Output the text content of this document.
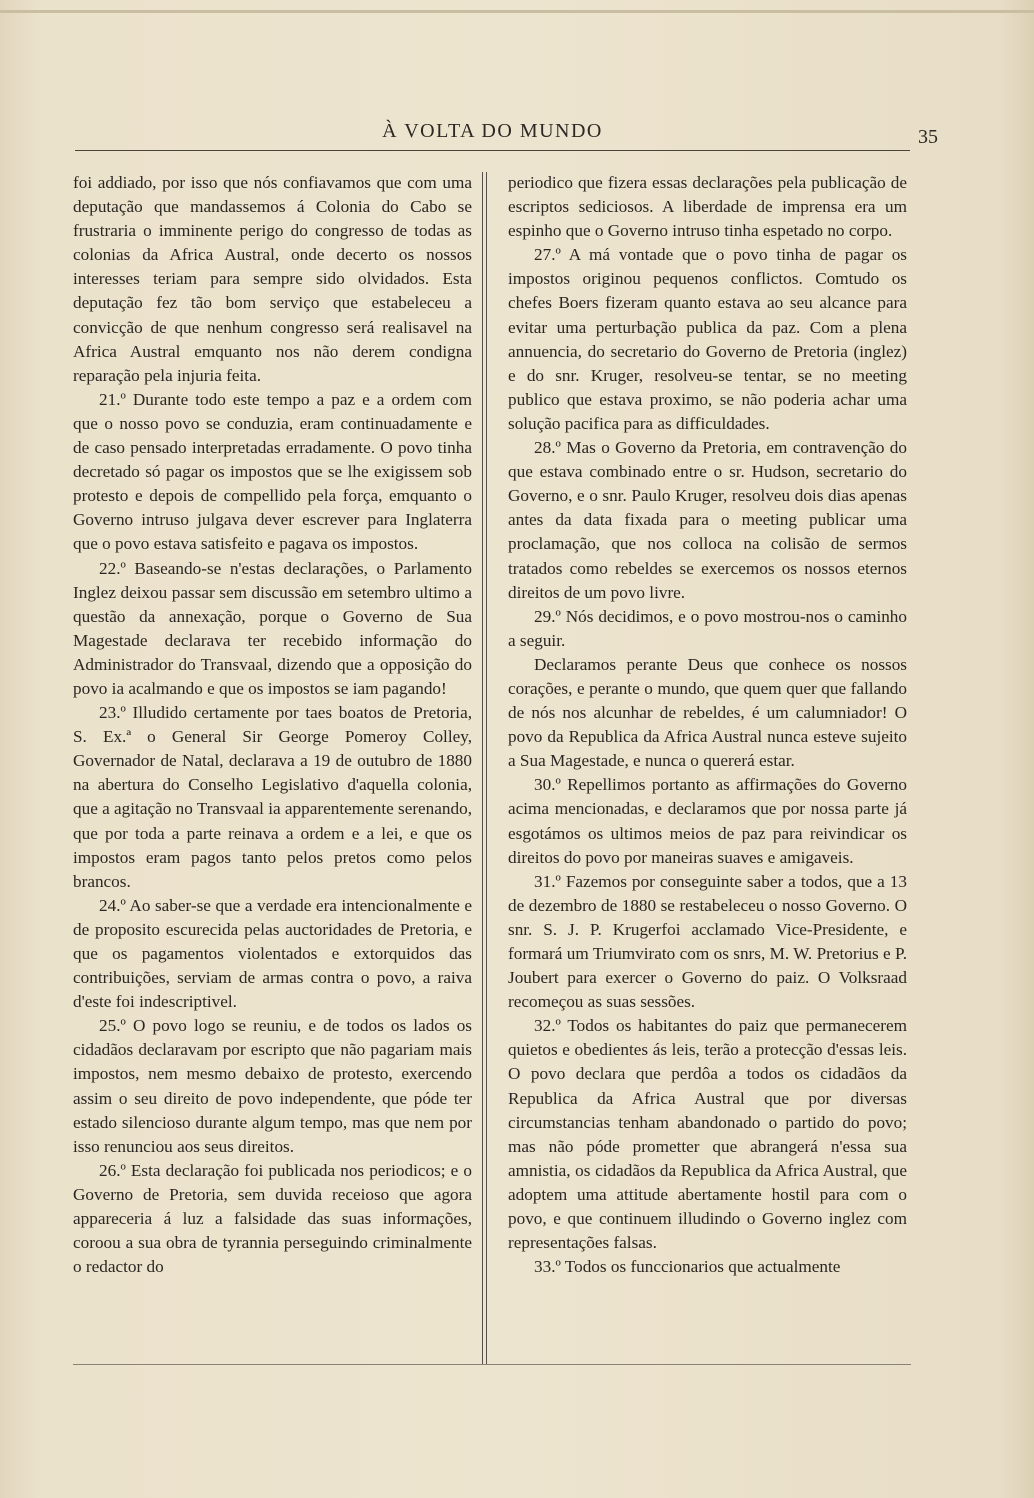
À VOLTA DO MUNDO	35

foi addiado, por isso que nós confiavamos que com uma deputação que mandassemos á Colonia do Cabo se frustraria o imminente perigo do congresso de todas as colonias da Africa Austral, onde decerto os nossos interesses teriam para sempre sido olvidados. Esta deputação fez tão bom serviço que estabeleceu a convicção de que nenhum congresso será realisavel na Africa Austral emquanto nos não derem condigna reparação pela injuria feita.

21.º Durante todo este tempo a paz e a ordem com que o nosso povo se conduzia, eram continuadamente e de caso pensado interpretadas erradamente. O povo tinha decretado só pagar os impostos que se lhe exigissem sob protesto e depois de compellido pela força, emquanto o Governo intruso julgava dever escrever para Inglaterra que o povo estava satisfeito e pagava os impostos.

22.º Baseando-se n'estas declarações, o Parlamento Inglez deixou passar sem discussão em setembro ultimo a questão da annexação, porque o Governo de Sua Magestade declarava ter recebido informação do Administrador do Transvaal, dizendo que a opposição do povo ia acalmando e que os impostos se iam pagando!

23.º Illudido certamente por taes boatos de Pretoria, S. Ex.ª o General Sir George Pomeroy Colley, Governador de Natal, declarava a 19 de outubro de 1880 na abertura do Conselho Legislativo d'aquella colonia, que a agitação no Transvaal ia apparentemente serenando, que por toda a parte reinava a ordem e a lei, e que os impostos eram pagos tanto pelos pretos como pelos brancos.

24.º Ao saber-se que a verdade era intencionalmente e de proposito escurecida pelas auctoridades de Pretoria, e que os pagamentos violentados e extorquidos das contribuições, serviam de armas contra o povo, a raiva d'este foi indescriptivel.

25.º O povo logo se reuniu, e de todos os lados os cidadãos declaravam por escripto que não pagariam mais impostos, nem mesmo debaixo de protesto, exercendo assim o seu direito de povo independente, que póde ter estado silencioso durante algum tempo, mas que nem por isso renunciou aos seus direitos.

26.º Esta declaração foi publicada nos periodicos; e o Governo de Pretoria, sem duvida receioso que agora appareceria á luz a falsidade das suas informações, coroou a sua obra de tyrannia perseguindo criminalmente o redactor do

periodico que fizera essas declarações pela publicação de escriptos sediciosos. A liberdade de imprensa era um espinho que o Governo intruso tinha espetado no corpo.

27.º A má vontade que o povo tinha de pagar os impostos originou pequenos conflictos. Comtudo os chefes Boers fizeram quanto estava ao seu alcance para evitar uma perturbação publica da paz. Com a plena annuencia, do secretario do Governo de Pretoria (inglez) e do snr. Kruger, resolveu-se tentar, se no meeting publico que estava proximo, se não poderia achar uma solução pacifica para as difficuldades.

28.º Mas o Governo da Pretoria, em contravenção do que estava combinado entre o sr. Hudson, secretario do Governo, e o snr. Paulo Kruger, resolveu dois dias apenas antes da data fixada para o meeting publicar uma proclamação, que nos colloca na colisão de sermos tratados como rebeldes se exercemos os nossos eternos direitos de um povo livre.

29.º Nós decidimos, e o povo mostrou-nos o caminho a seguir.

Declaramos perante Deus que conhece os nossos corações, e perante o mundo, que quem quer que fallando de nós nos alcunhar de rebeldes, é um calumniador! O povo da Republica da Africa Austral nunca esteve sujeito a Sua Magestade, e nunca o quererá estar.

30.º Repellimos portanto as affirmações do Governo acima mencionadas, e declaramos que por nossa parte já esgotámos os ultimos meios de paz para reivindicar os direitos do povo por maneiras suaves e amigaveis.

31.º Fazemos por conseguinte saber a todos, que a 13 de dezembro de 1880 se restabeleceu o nosso Governo. O snr. S. J. P. Krugerfoi acclamado Vice-Presidente, e formará um Triumvirato com os snrs, M. W. Pretorius e P. Joubert para exercer o Governo do paiz. O Volksraad recomeçou as suas sessões.

32.º Todos os habitantes do paiz que permanecerem quietos e obedientes ás leis, terão a protecção d'essas leis. O povo declara que perdôa a todos os cidadãos da Republica da Africa Austral que por diversas circumstancias tenham abandonado o partido do povo; mas não póde prometter que abrangerá n'essa sua amnistia, os cidadãos da Republica da Africa Austral, que adoptem uma attitude abertamente hostil para com o povo, e que continuem illudindo o Governo inglez com representações falsas.

33.º Todos os funccionarios que actualmente
